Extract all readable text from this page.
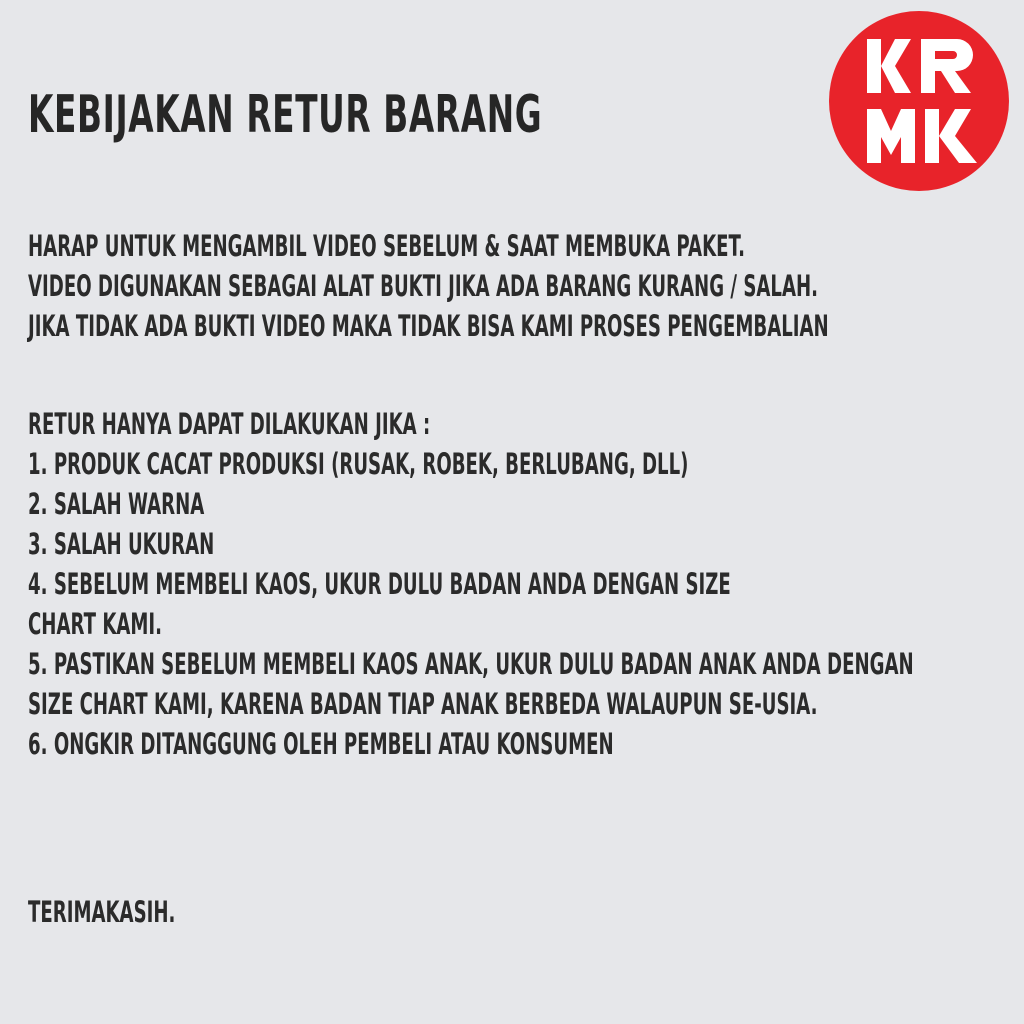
KEBIJAKAN RETUR BARANG
HARAP UNTUK MENGAMBIL VIDEO SEBELUM & SAAT MEMBUKA PAKET.
VIDEO DIGUNAKAN SEBAGAI ALAT BUKTI JIKA ADA BARANG KURANG / SALAH.
JIKA TIDAK ADA BUKTI VIDEO MAKA TIDAK BISA KAMI PROSES PENGEMBALIAN
RETUR HANYA DAPAT DILAKUKAN JIKA :
1. PRODUK CACAT PRODUKSI (RUSAK, ROBEK, BERLUBANG, DLL)
2. SALAH WARNA
3. SALAH UKURAN
4. SEBELUM MEMBELI KAOS, UKUR DULU BADAN ANDA DENGAN SIZE
CHART KAMI.
5. PASTIKAN SEBELUM MEMBELI KAOS ANAK, UKUR DULU BADAN ANAK ANDA DENGAN
SIZE CHART KAMI, KARENA BADAN TIAP ANAK BERBEDA WALAUPUN SE-USIA.
6. ONGKIR DITANGGUNG OLEH PEMBELI ATAU KONSUMEN
TERIMAKASIH.
